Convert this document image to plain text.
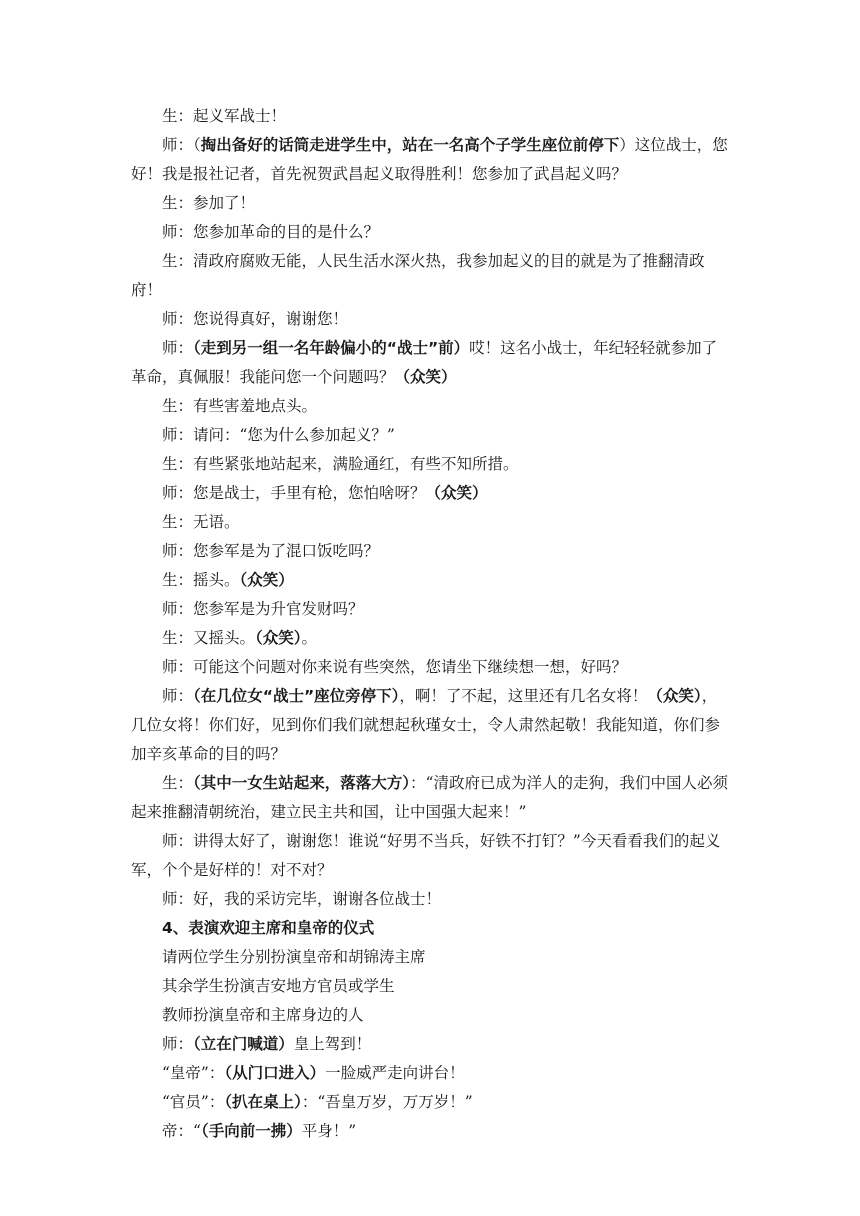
生：起义军战士！

师：（掏出备好的话筒走进学生中，站在一名高个子学生座位前停下）这位战士，您好！我是报社记者，首先祝贺武昌起义取得胜利！您参加了武昌起义吗？

生：参加了！

师：您参加革命的目的是什么？

生：清政府腐败无能，人民生活水深火热，我参加起义的目的就是为了推翻清政府！

师：您说得真好，谢谢您！

师：（走到另一组一名年龄偏小的“战士”前）哎！这名小战士，年纪轻轻就参加了革命，真佩服！我能问您一个问题吗？（众笑）

生：有些害羞地点头。

师：请问：“您为什么参加起义？”

生：有些紧张地站起来，满脸通红，有些不知所措。

师：您是战士，手里有枪，您怕啥呀？（众笑）

生：无语。

师：您参军是为了混口饭吃吗？

生：摇头。（众笑）

师：您参军是为升官发财吗？

生：又摇头。（众笑）。

师：可能这个问题对你来说有些突然，您请坐下继续想一想，好吗？

师：（在几位女“战士”座位旁停下），啊！了不起，这里还有几名女将！（众笑），几位女将！你们好，见到你们我们就想起秋瑾女士，令人肃然起敬！我能知道，你们参加辛亥革命的目的吗？

生：（其中一女生站起来，落落大方）：“清政府已成为洋人的走狗，我们中国人必须起来推翻清朝统治，建立民主共和国，让中国强大起来！”

师：讲得太好了，谢谢您！谁说“好男不当兵，好铁不打钉？”今天看看我们的起义军，个个是好样的！对不对？

师：好，我的采访完毕，谢谢各位战士！

4、表演欢迎主席和皇帝的仪式

请两位学生分别扮演皇帝和胡锦涛主席

其余学生扮演吉安地方官员或学生

教师扮演皇帝和主席身边的人

师：（立在门喊道）皇上驾到！

“皇帝”：（从门口进入）一脸威严走向讲台！

“官员”：（扒在桌上）：“吾皇万岁，万万岁！”

帝：“（手向前一拂）平身！”
